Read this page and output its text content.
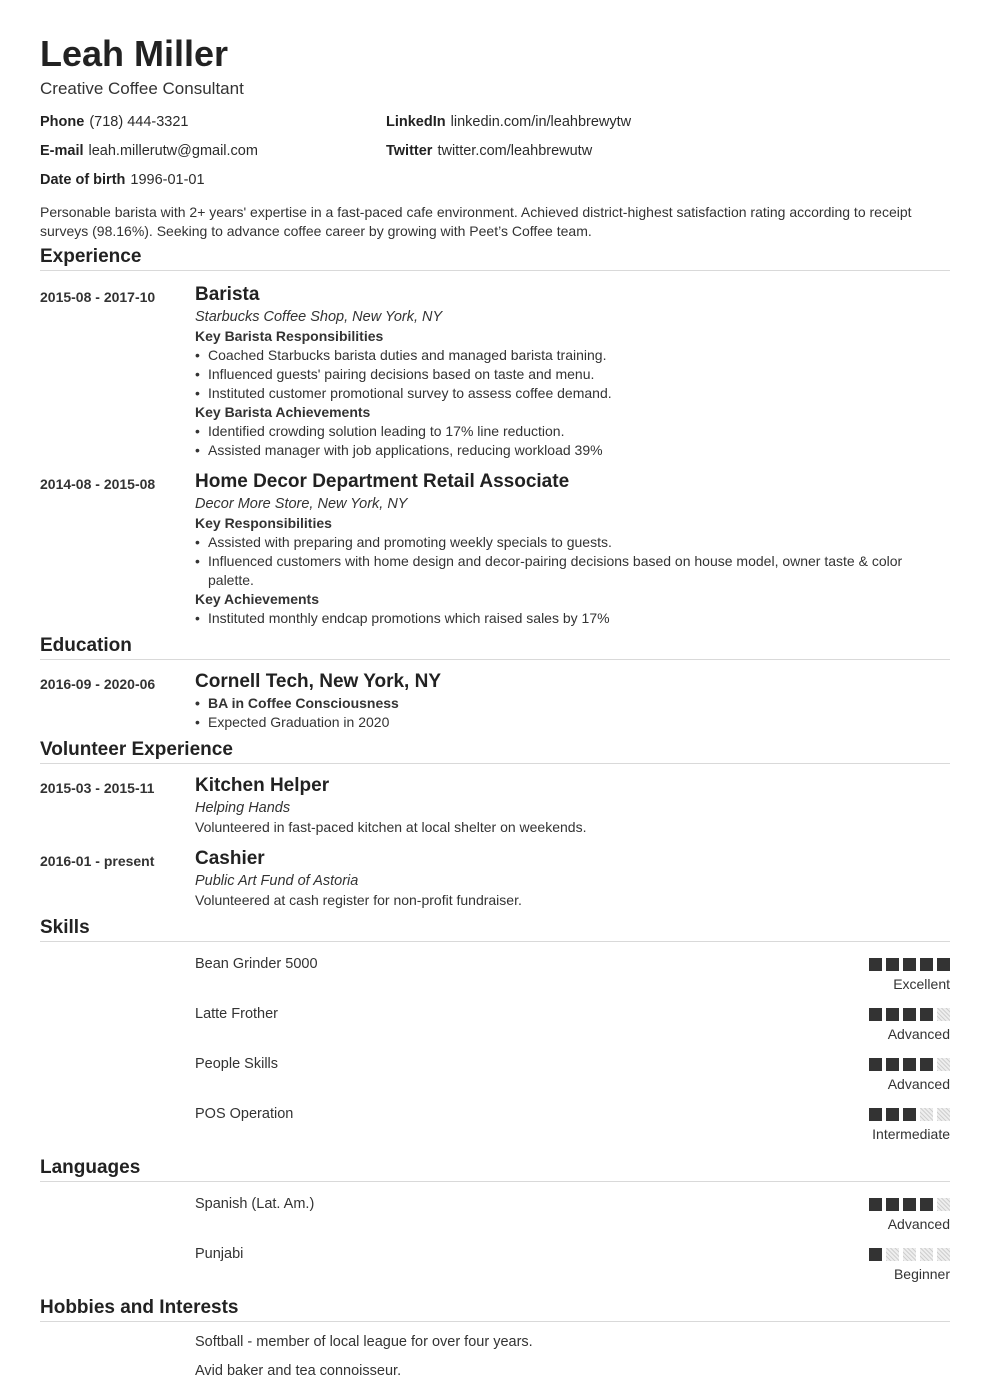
Leah Miller
Creative Coffee Consultant
Phone (718) 444-3321	LinkedIn linkedin.com/in/leahbrewytw
E-mail leah.millerutw@gmail.com	Twitter twitter.com/leahbrewutw
Date of birth 1996-01-01
Personable barista with 2+ years' expertise in a fast-paced cafe environment. Achieved district-highest satisfaction rating according to receipt surveys (98.16%). Seeking to advance coffee career by growing with Peet’s Coffee team.
Experience
2015-08 - 2017-10 Barista
Starbucks Coffee Shop, New York, NY
Key Barista Responsibilities
• Coached Starbucks barista duties and managed barista training.
• Influenced guests' pairing decisions based on taste and menu.
• Instituted customer promotional survey to assess coffee demand.
Key Barista Achievements
• Identified crowding solution leading to 17% line reduction.
• Assisted manager with job applications, reducing workload 39%
2014-08 - 2015-08 Home Decor Department Retail Associate
Decor More Store, New York, NY
Key Responsibilities
• Assisted with preparing and promoting weekly specials to guests.
• Influenced customers with home design and decor-pairing decisions based on house model, owner taste & color palette.
Key Achievements
• Instituted monthly endcap promotions which raised sales by 17%
Education
2016-09 - 2020-06 Cornell Tech, New York, NY
• BA in Coffee Consciousness
• Expected Graduation in 2020
Volunteer Experience
2015-03 - 2015-11 Kitchen Helper
Helping Hands
Volunteered in fast-paced kitchen at local shelter on weekends.
2016-01 - present Cashier
Public Art Fund of Astoria
Volunteered at cash register for non-profit fundraiser.
Skills
Bean Grinder 5000
Excellent
Latte Frother
Advanced
People Skills
Advanced
POS Operation
Intermediate
Languages
Spanish (Lat. Am.)
Advanced
Punjabi
Beginner
Hobbies and Interests
Softball - member of local league for over four years.
Avid baker and tea connoisseur.
